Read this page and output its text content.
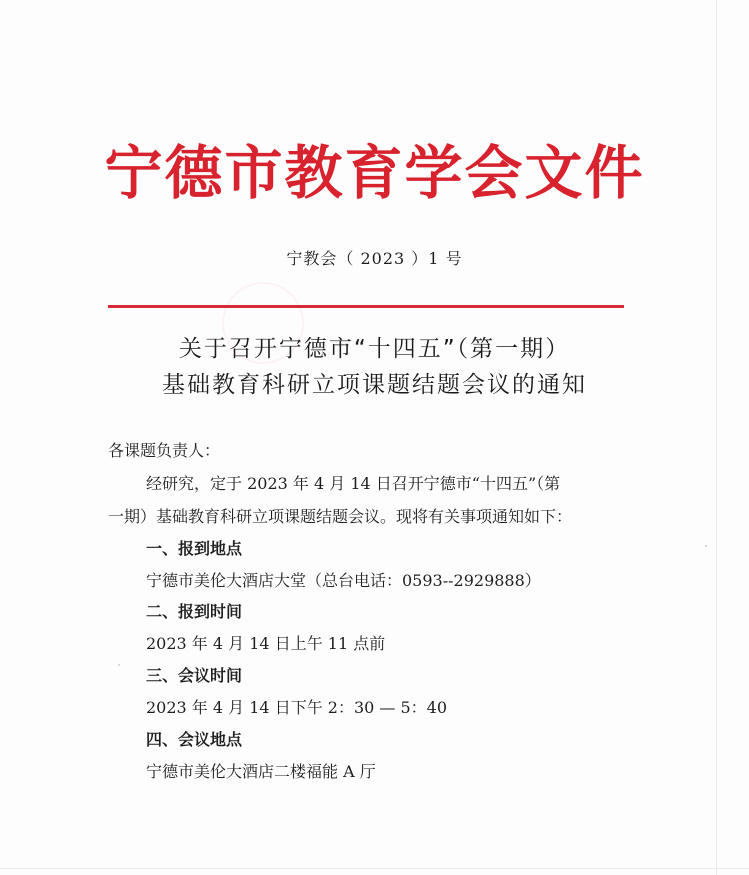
宁德市教育学会文件
宁教会（ 2023 ）1 号
关于召开宁德市“十四五”（第一期）
基础教育科研立项课题结题会议的通知
各课题负责人：
经研究，定于 2023 年 4 月 14 日召开宁德市“十四五”（第
一期）基础教育科研立项课题结题会议。现将有关事项通知如下：
一、报到地点
宁德市美伦大酒店大堂（总台电话：0593--2929888）
二、报到时间
2023 年 4 月 14 日上午 11 点前
三、会议时间
2023 年 4 月 14 日下午 2：30 — 5：40
四、会议地点
宁德市美伦大酒店二楼福能 A 厅
